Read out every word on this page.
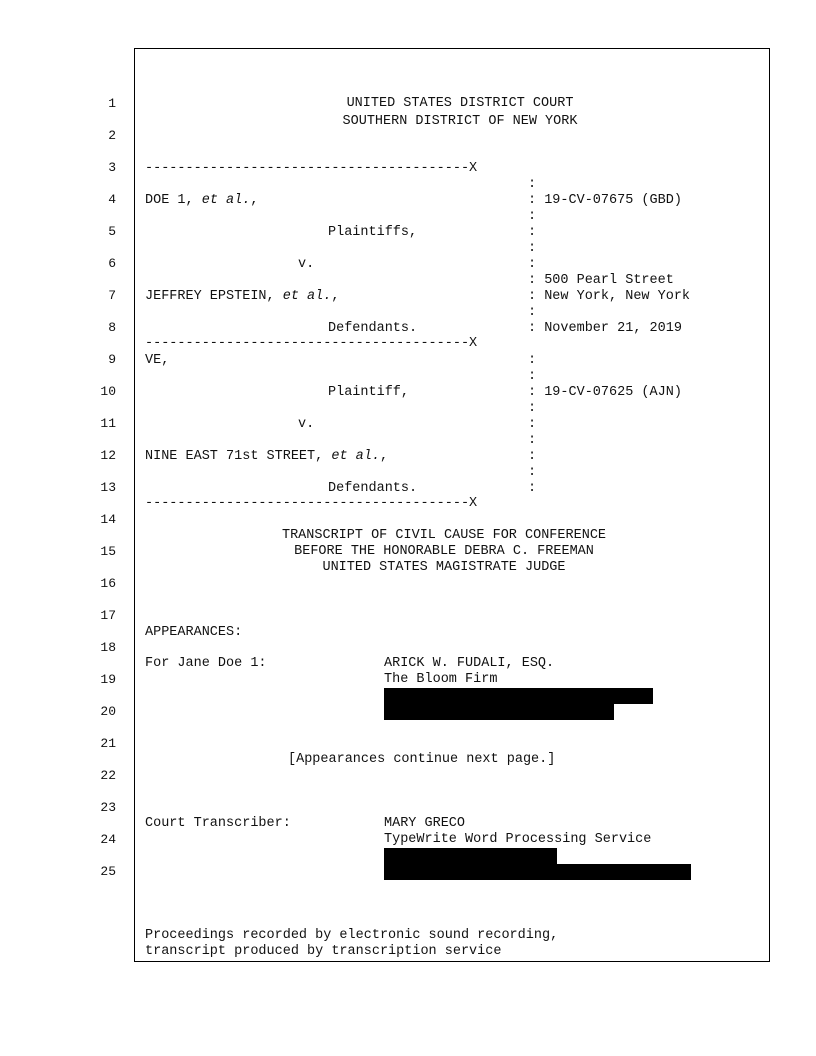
1
2
3
4
5
6
7
8
9
10
11
12
13
14
15
16
17
18
19
20
21
22
23
24
25
UNITED STATES DISTRICT COURT
SOUTHERN DISTRICT OF NEW YORK
----------------------------------------X
:
DOE 1, et al.,	: 19-CV-07675 (GBD)
:
Plaintiffs,	:
:
v.	:
: 500 Pearl Street
JEFFREY EPSTEIN, et al.,	: New York, New York
:
Defendants.	: November 21, 2019
----------------------------------------X
VE,	:
:
Plaintiff,	: 19-CV-07625 (AJN)
:
v.	:
:
NINE EAST 71st STREET, et al.,	:
:
Defendants.	:
----------------------------------------X
TRANSCRIPT OF CIVIL CAUSE FOR CONFERENCE
BEFORE THE HONORABLE DEBRA C. FREEMAN
UNITED STATES MAGISTRATE JUDGE
APPEARANCES:
For Jane Doe 1:	ARICK W. FUDALI, ESQ.
The Bloom Firm
[Appearances continue next page.]
Court Transcriber:	MARY GRECO
TypeWrite Word Processing Service
Proceedings recorded by electronic sound recording,
transcript produced by transcription service
